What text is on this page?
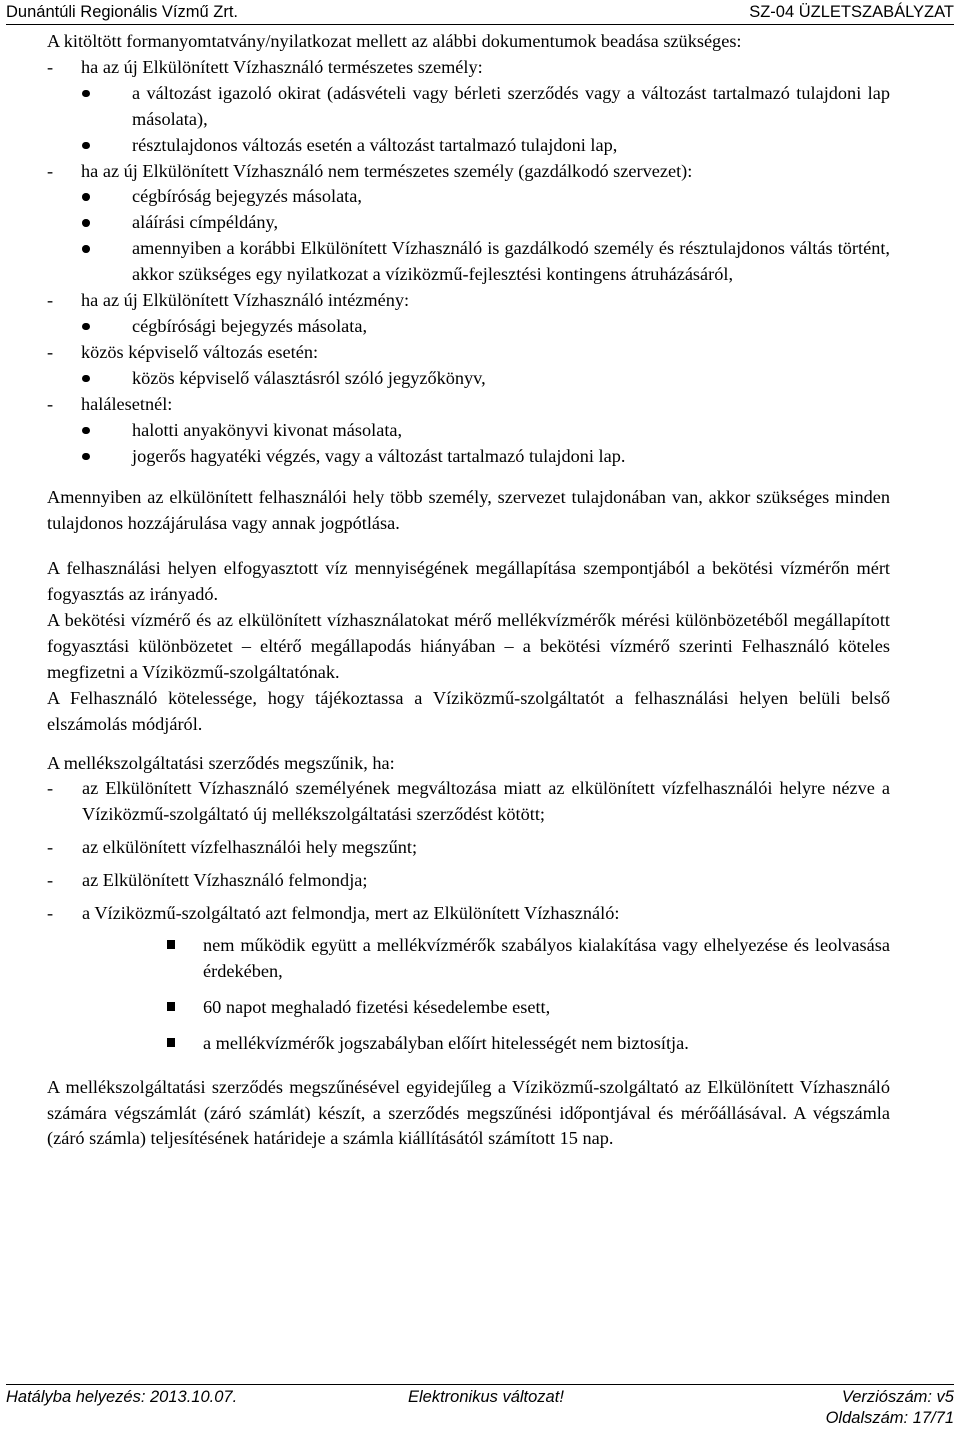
Dunántúli Regionális Vízmű Zrt.	SZ-04 ÜZLETSZABÁLYZAT

A kitöltött formanyomtatvány/nyilatkozat mellett az alábbi dokumentumok beadása szükséges:

-	ha az új Elkülönített Vízhasználó természetes személy:
a változást igazoló okirat (adásvételi vagy bérleti szerződés vagy a változást tartalmazó tulajdoni lap másolata),
résztulajdonos változás esetén a változást tartalmazó tulajdoni lap,
-	ha az új Elkülönített Vízhasználó nem természetes személy (gazdálkodó szervezet):
cégbíróság bejegyzés másolata,
aláírási címpéldány,
amennyiben a korábbi Elkülönített Vízhasználó is gazdálkodó személy és résztulajdonos váltás történt, akkor szükséges egy nyilatkozat a víziközmű-fejlesztési kontingens átruházásáról,
-	ha az új Elkülönített Vízhasználó intézmény:
cégbírósági bejegyzés másolata,
-	közös képviselő változás esetén:
közös képviselő választásról szóló jegyzőkönyv,
-	halálesetnél:
halotti anyakönyvi kivonat másolata,
jogerős hagyatéki végzés, vagy a változást tartalmazó tulajdoni lap.

Amennyiben az elkülönített felhasználói hely több személy, szervezet tulajdonában van, akkor szükséges minden tulajdonos hozzájárulása vagy annak jogpótlása.

A felhasználási helyen elfogyasztott víz mennyiségének megállapítása szempontjából a bekötési vízmérőn mért fogyasztás az irányadó.

A bekötési vízmérő és az elkülönített vízhasználatokat mérő mellékvízmérők mérési különbözetéből megállapított fogyasztási különbözetet – eltérő megállapodás hiányában – a bekötési vízmérő szerinti Felhasználó köteles megfizetni a Víziközmű-szolgáltatónak.

A Felhasználó kötelessége, hogy tájékoztassa a Víziközmű-szolgáltatót a felhasználási helyen belüli belső elszámolás módjáról.

A mellékszolgáltatási szerződés megszűnik, ha:

-	az Elkülönített Vízhasználó személyének megváltozása miatt az elkülönített vízfelhasználói helyre nézve a Víziközmű-szolgáltató új mellékszolgáltatási szerződést kötött;
-	az elkülönített vízfelhasználói hely megszűnt;
-	az Elkülönített Vízhasználó felmondja;
-	a Víziközmű-szolgáltató azt felmondja, mert az Elkülönített Vízhasználó:
nem működik együtt a mellékvízmérők szabályos kialakítása vagy elhelyezése és leolvasása érdekében,
60 napot meghaladó fizetési késedelembe esett,
a mellékvízmérők jogszabályban előírt hitelességét nem biztosítja.

A mellékszolgáltatási szerződés megszűnésével egyidejűleg a Víziközmű-szolgáltató az Elkülönített Vízhasználó számára végszámlát (záró számlát) készít, a szerződés megszűnési időpontjával és mérőállásával. A végszámla (záró számla) teljesítésének határideje a számla kiállításától számított 15 nap.

Hatályba helyezés: 2013.10.07.	Elektronikus változat!	Verziószám: v5
Oldalszám: 17/71
